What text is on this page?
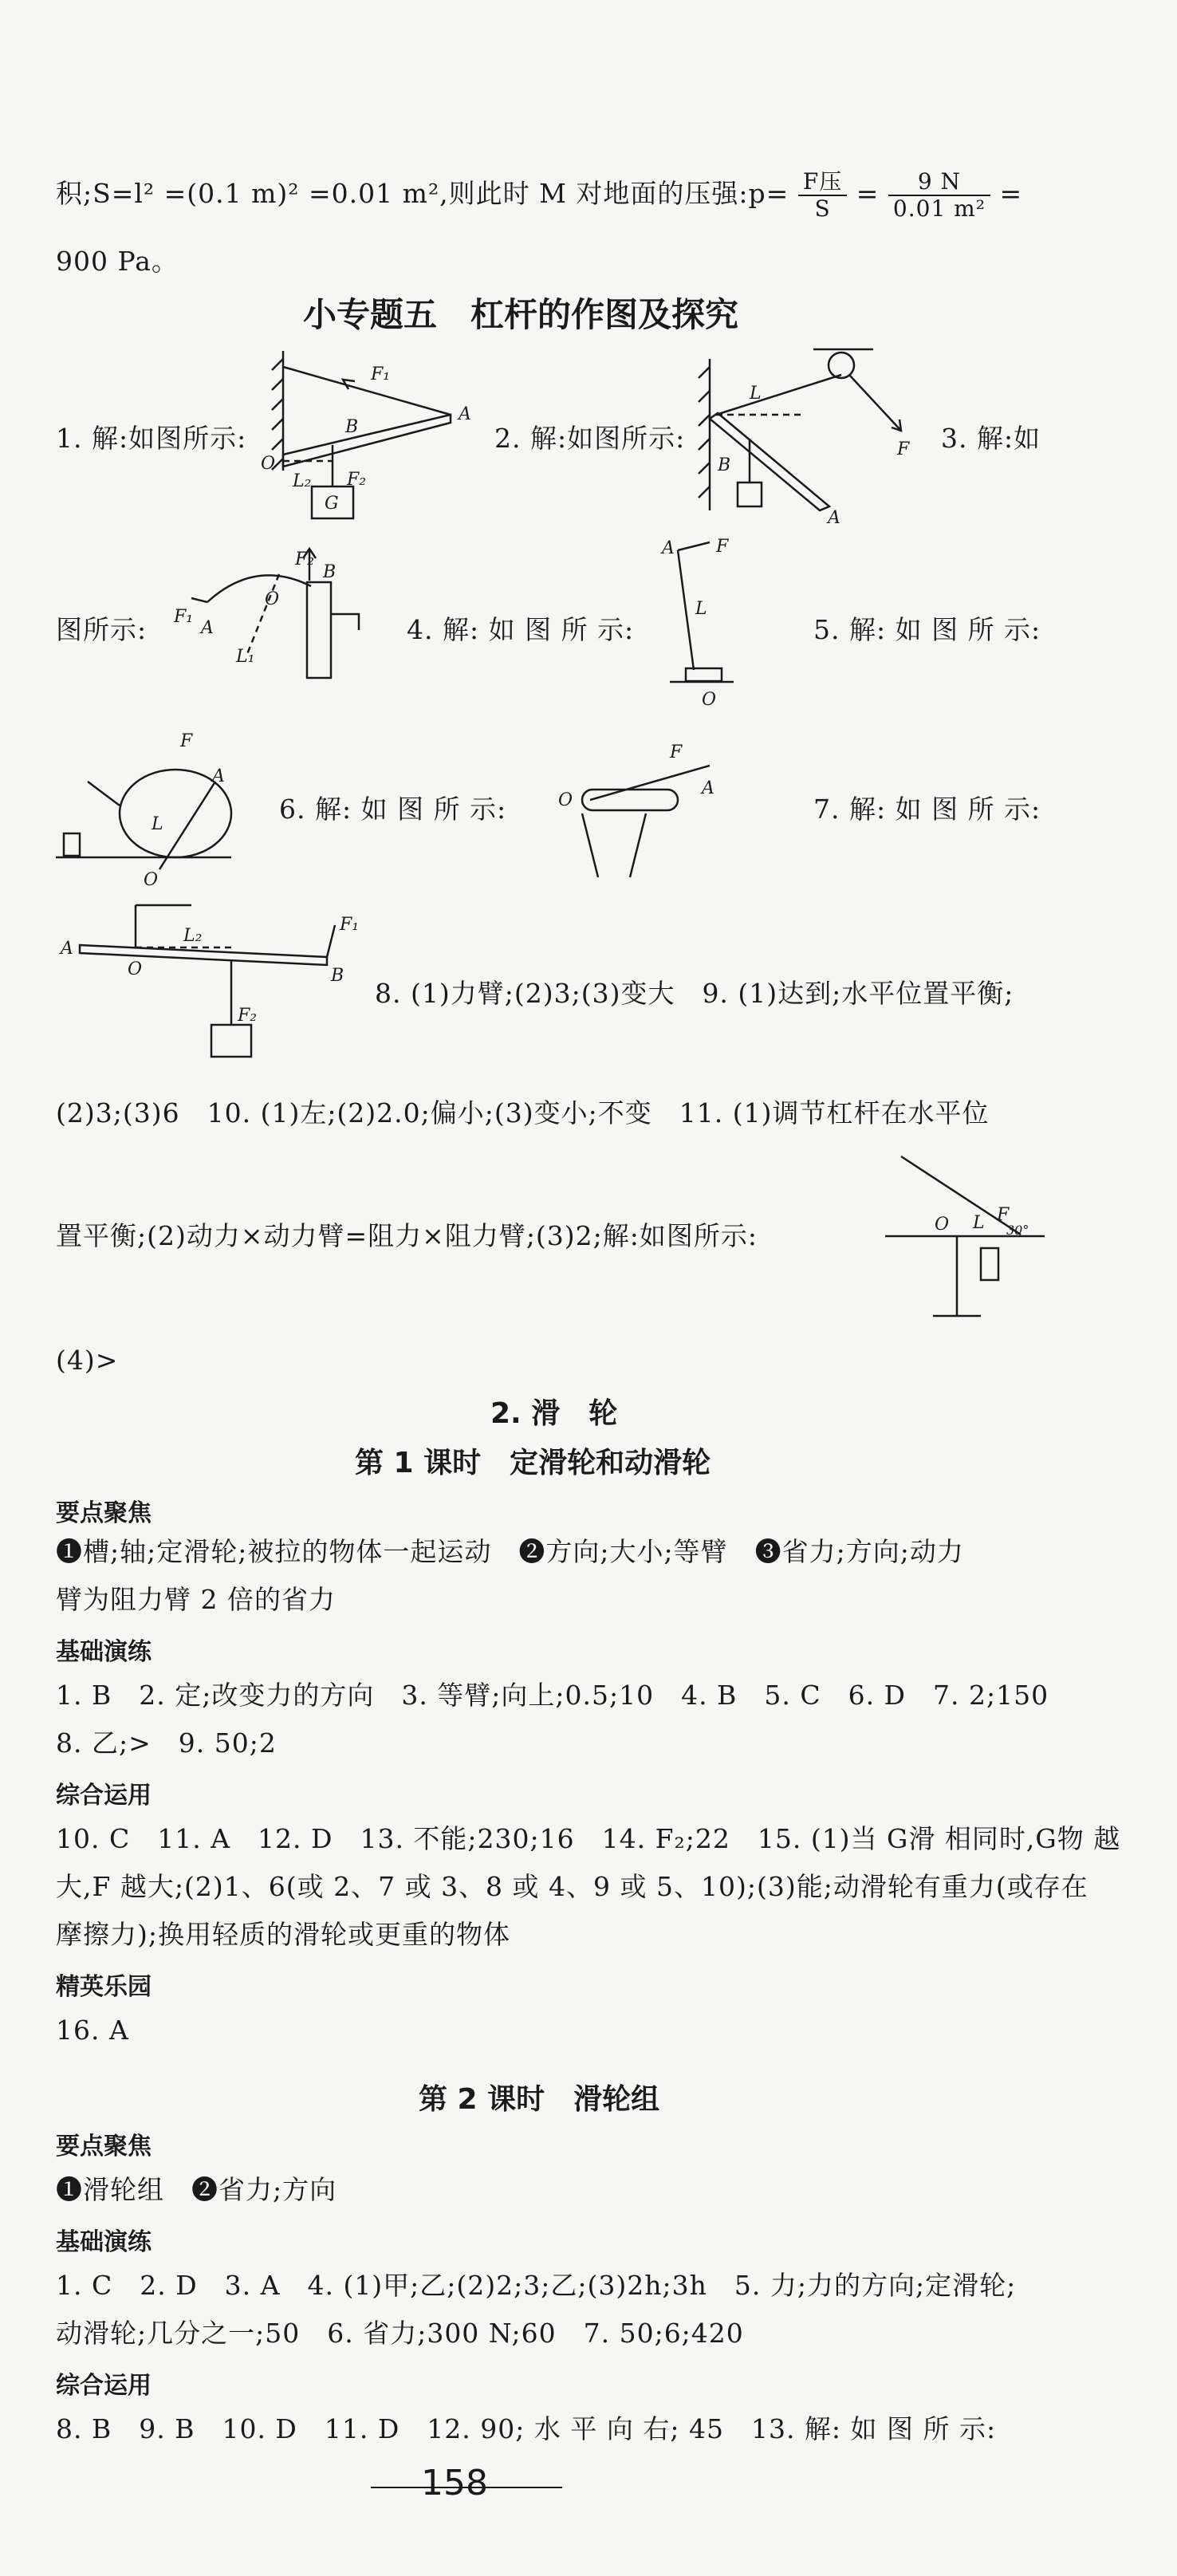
积;S=l² =(0.1 m)² =0.01 m²,则此时 M 对地面的压强:p= $\frac{\text{F压}}{S} = \frac{9 N}{\text{0.01 m²}}$ =
900 Pa。
小专题五　杠杆的作图及探究
F₁
A
B
O
L₂ F₂
G
1. 解:如图所示:	2. 解:如图所示:
L
F
B
A
3. 解:如
图所示:
F₂
B
O
F₁
A
L₁
4. 解: 如 图 所 示:
A F
L
O
5. 解: 如 图 所 示:
F
A
L
O
6. 解: 如 图 所 示:
F
O
A
7. 解: 如 图 所 示:
A
L₂
O
F₁
B
F₂
8. (1)力臂;(2)3;(3)变大　9. (1)达到;水平位置平衡;
(2)3;(3)6　10. (1)左;(2)2.0;偏小;(3)变小;不变　11. (1)调节杠杆在水平位
置平衡;(2)动力×动力臂=阻力×阻力臂;(3)2;解:如图所示:	O L F
30°
(4)>
2. 滑　轮
第 1 课时　定滑轮和动滑轮
要点聚焦
❶槽;轴;定滑轮;被拉的物体一起运动　❷方向;大小;等臂　❸省力;方向;动力
臂为阻力臂 2 倍的省力
基础演练
1. B　2. 定;改变力的方向　3. 等臂;向上;0.5;10　4. B　5. C　6. D　7. 2;150
8. 乙;>　9. 50;2
综合运用
10. C　11. A　12. D　13. 不能;230;16　14. F₂;22　15. (1)当 G滑 相同时,G物 越
大,F 越大;(2)1、6(或 2、7 或 3、8 或 4、9 或 5、10);(3)能;动滑轮有重力(或存在
摩擦力);换用轻质的滑轮或更重的物体
精英乐园
16. A
第 2 课时　滑轮组
要点聚焦
❶滑轮组　❷省力;方向
基础演练
1. C　2. D　3. A　4. (1)甲;乙;(2)2;3;乙;(3)2h;3h　5. 力;力的方向;定滑轮;
动滑轮;几分之一;50　6. 省力;300 N;60　7. 50;6;420
综合运用
8. B　9. B　10. D　11. D　12. 90; 水 平 向 右; 45　13. 解: 如 图 所 示:
158
